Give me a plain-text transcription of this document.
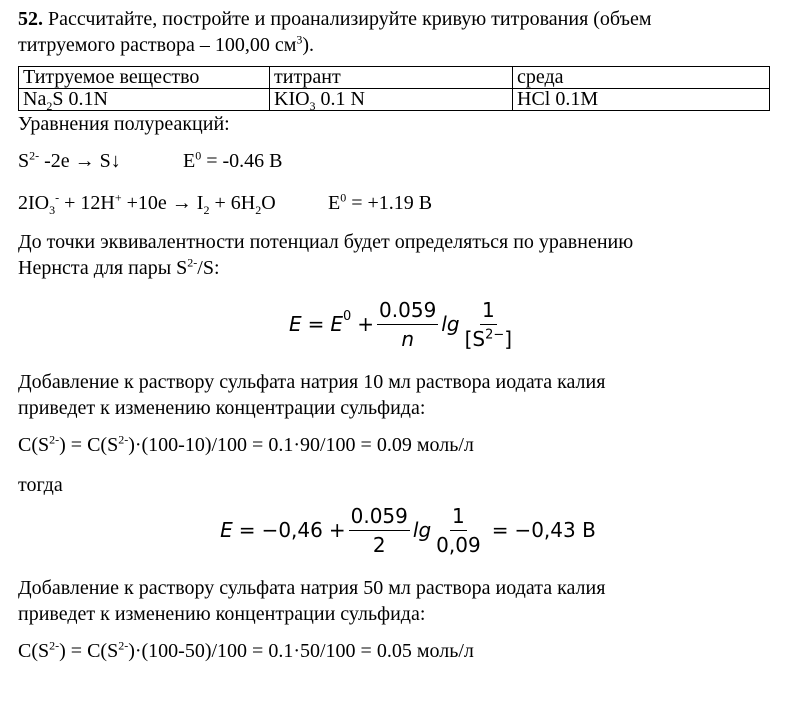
52. Рассчитайте, постройте и проанализируйте кривую титрования (объем
титруемого раствора – 100,00 $см^3$).
Титруемое вещество	титрант	среда
$Na_2S$ 0.1N	$KIO_3$ 0.1 N	HCl 0.1M
Уравнения полуреакций:
$S^{2-}$ -2e → S↓	$E^0 = -0.46$ В
$2IO_3^- + 12H^+ +10e \to I_2 + 6H_2O$	$E^0 = +1.19$ В
До точки эквивалентности потенциал будет определяться по уравнению
Нернста для пары $S^{2-}/S$:
$E = E^0 + \frac{0.059}{n}$ $\lg \frac{1}{[S^{2-}]}$
Добавление к раствору сульфата натрия 10 мл раствора иодата калия
приведет к изменению концентрации сульфида:
$C(S^{2-}) = C(S^{2-})\cdot(100-10)/100 = 0.1\cdot 90/100 = 0.09$ моль/л
тогда
$E = -0,46 + \frac{0.059}{2}$ $\lg \frac{1}{0,09} = -0,43$ В
Добавление к раствору сульфата натрия 50 мл раствора иодата калия
приведет к изменению концентрации сульфида:
$C(S^{2-}) = C(S^{2-})\cdot(100-50)/100 = 0.1\cdot 50/100 = 0.05$ моль/л
